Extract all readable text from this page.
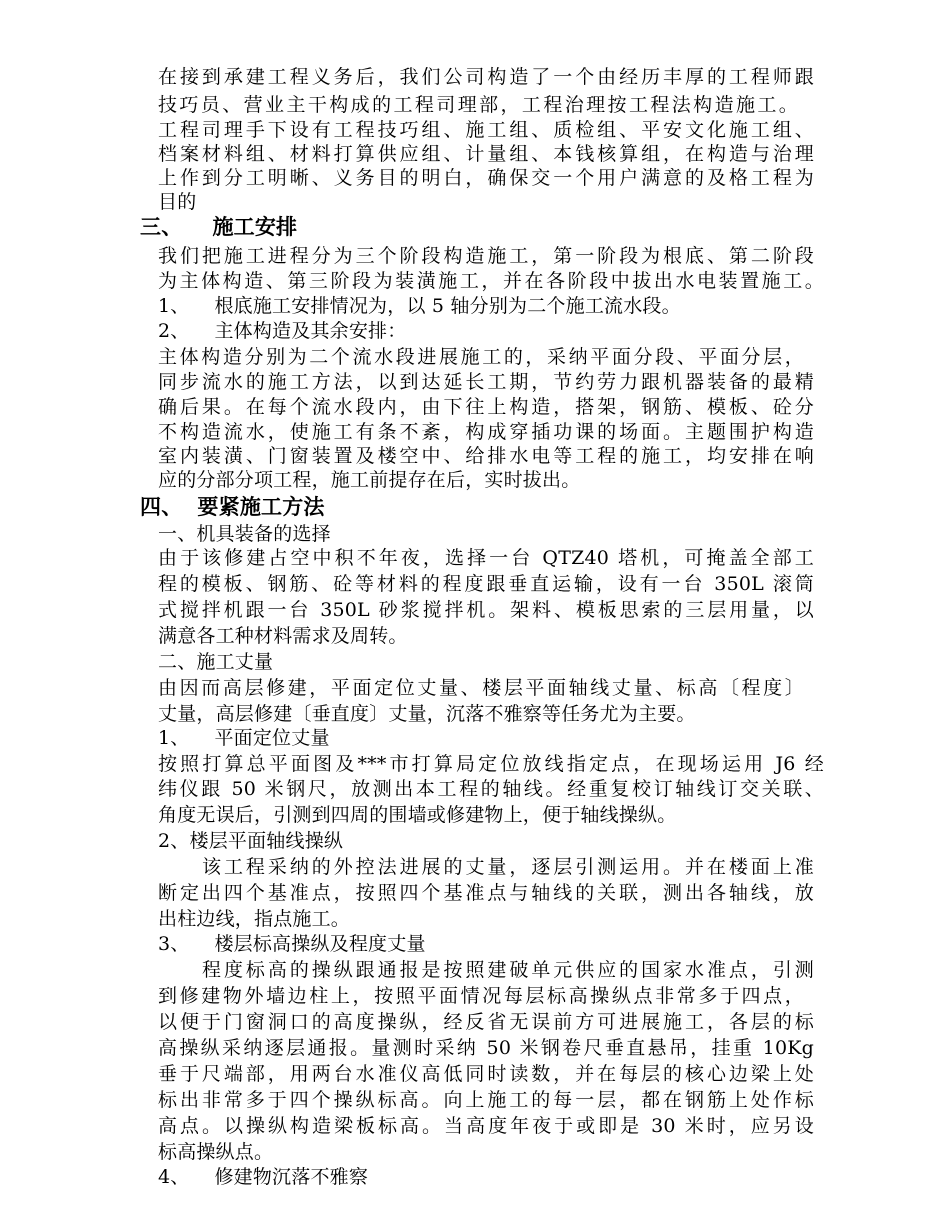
在接到承建工程义务后，我们公司构造了一个由经历丰厚的工程师跟
技巧员、营业主干构成的工程司理部，工程治理按工程法构造施工。
工程司理手下设有工程技巧组、施工组、质检组、平安文化施工组、
档案材料组、材料打算供应组、计量组、本钱核算组，在构造与治理
上作到分工明晰、义务目的明白，确保交一个用户满意的及格工程为
目的
三、    施工安排
我们把施工进程分为三个阶段构造施工，第一阶段为根底、第二阶段
为主体构造、第三阶段为装潢施工，并在各阶段中拔出水电装置施工。
1、    根底施工安排情况为，以 5 轴分别为二个施工流水段。
2、    主体构造及其余安排：
主体构造分别为二个流水段进展施工的，采纳平面分段、平面分层，
同步流水的施工方法，以到达延长工期，节约劳力跟机器装备的最精
确后果。在每个流水段内，由下往上构造，搭架，钢筋、模板、砼分
不构造流水，使施工有条不紊，构成穿插功课的场面。主题围护构造
室内装潢、门窗装置及楼空中、给排水电等工程的施工，均安排在响
应的分部分项工程，施工前提存在后，实时拔出。
四、  要紧施工方法
一、机具装备的选择
由于该修建占空中积不年夜，选择一台 QTZ40 塔机，可掩盖全部工
程的模板、钢筋、砼等材料的程度跟垂直运输，设有一台 350L 滚筒
式搅拌机跟一台 350L 砂浆搅拌机。架料、模板思索的三层用量，以
满意各工种材料需求及周转。
二、施工丈量
由因而高层修建，平面定位丈量、楼层平面轴线丈量、标高〔程度〕
丈量，高层修建〔垂直度〕丈量，沉落不雅察等任务尤为主要。
1、    平面定位丈量
按照打算总平面图及***市打算局定位放线指定点，在现场运用 J6 经
纬仪跟 50 米钢尺，放测出本工程的轴线。经重复校订轴线订交关联、
角度无误后，引测到四周的围墙或修建物上，便于轴线操纵。
2、楼层平面轴线操纵
该工程采纳的外控法进展的丈量，逐层引测运用。并在楼面上准
断定出四个基准点，按照四个基准点与轴线的关联，测出各轴线，放
出柱边线，指点施工。
3、    楼层标高操纵及程度丈量
程度标高的操纵跟通报是按照建破单元供应的国家水准点，引测
到修建物外墙边柱上，按照平面情况每层标高操纵点非常多于四点，
以便于门窗洞口的高度操纵，经反省无误前方可进展施工，各层的标
高操纵采纳逐层通报。量测时采纳 50 米钢卷尺垂直悬吊，挂重 10Kg
垂于尺端部，用两台水准仪高低同时读数，并在每层的核心边梁上处
标出非常多于四个操纵标高。向上施工的每一层，都在钢筋上处作标
高点。以操纵构造梁板标高。当高度年夜于或即是 30 米时，应另设
标高操纵点。
4、    修建物沉落不雅察
